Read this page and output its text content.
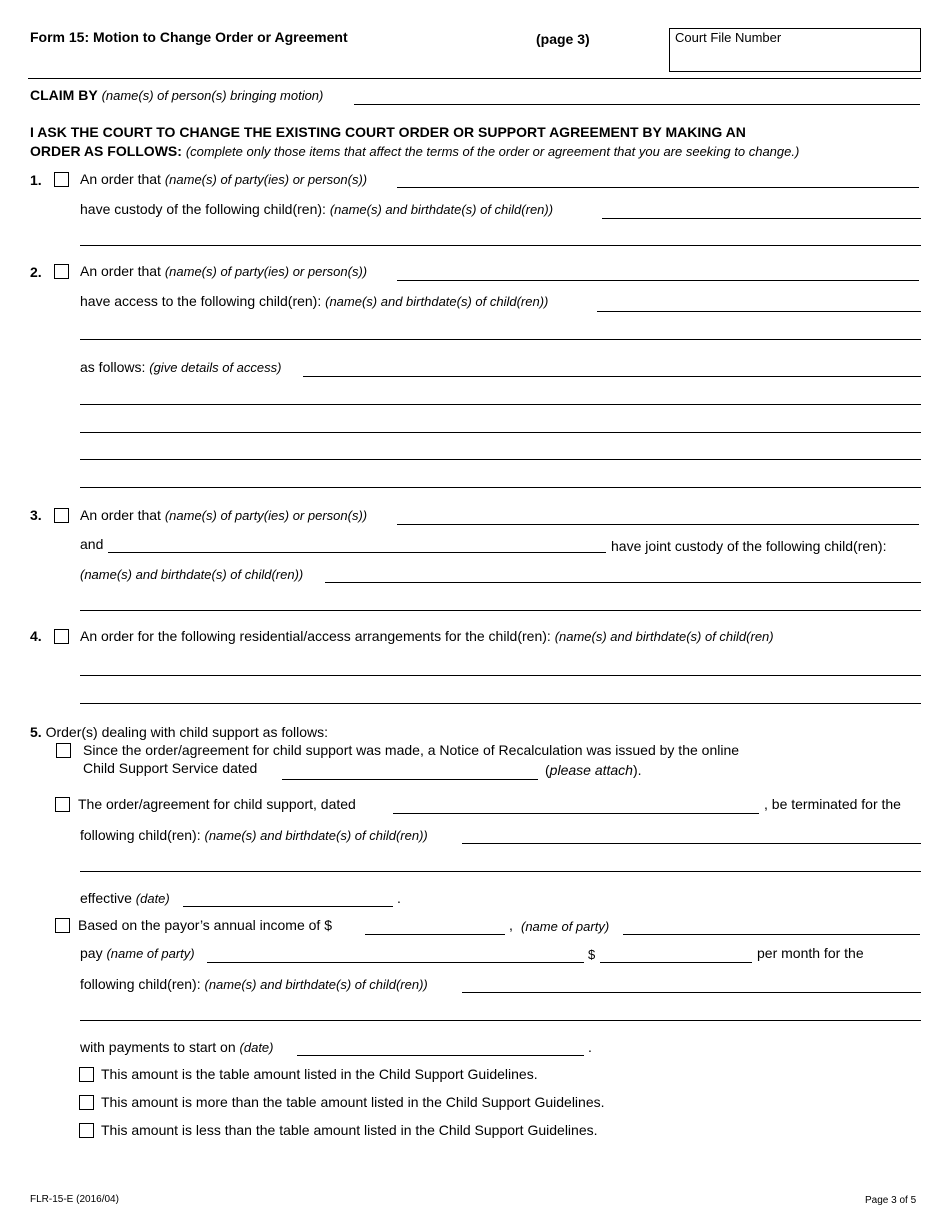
Form 15: Motion to Change Order or Agreement	(page 3)	Court File Number
CLAIM BY (name(s) of person(s) bringing motion)
I ASK THE COURT TO CHANGE THE EXISTING COURT ORDER OR SUPPORT AGREEMENT BY MAKING AN
ORDER AS FOLLOWS: (complete only those items that affect the terms of the order or agreement that you are seeking to change.)
1.	An order that (name(s) of party(ies) or person(s))
have custody of the following child(ren): (name(s) and birthdate(s) of child(ren))
2.	An order that (name(s) of party(ies) or person(s))
have access to the following child(ren): (name(s) and birthdate(s) of child(ren))
as follows: (give details of access)
3.	An order that (name(s) of party(ies) or person(s))
and	have joint custody of the following child(ren):
(name(s) and birthdate(s) of child(ren))
4.	An order for the following residential/access arrangements for the child(ren): (name(s) and birthdate(s) of child(ren)
5. Order(s) dealing with child support as follows:
Since the order/agreement for child support was made, a Notice of Recalculation was issued by the online
Child Support Service dated	(please attach).
The order/agreement for child support, dated	, be terminated for the
following child(ren): (name(s) and birthdate(s) of child(ren))
effective (date)	.
Based on the payor’s annual income of $	, (name of party)
pay (name of party)	$	per month for the
following child(ren): (name(s) and birthdate(s) of child(ren))
with payments to start on (date)	.
This amount is the table amount listed in the Child Support Guidelines.
This amount is more than the table amount listed in the Child Support Guidelines.
This amount is less than the table amount listed in the Child Support Guidelines.
FLR-15-E (2016/04)	Page 3 of 5
